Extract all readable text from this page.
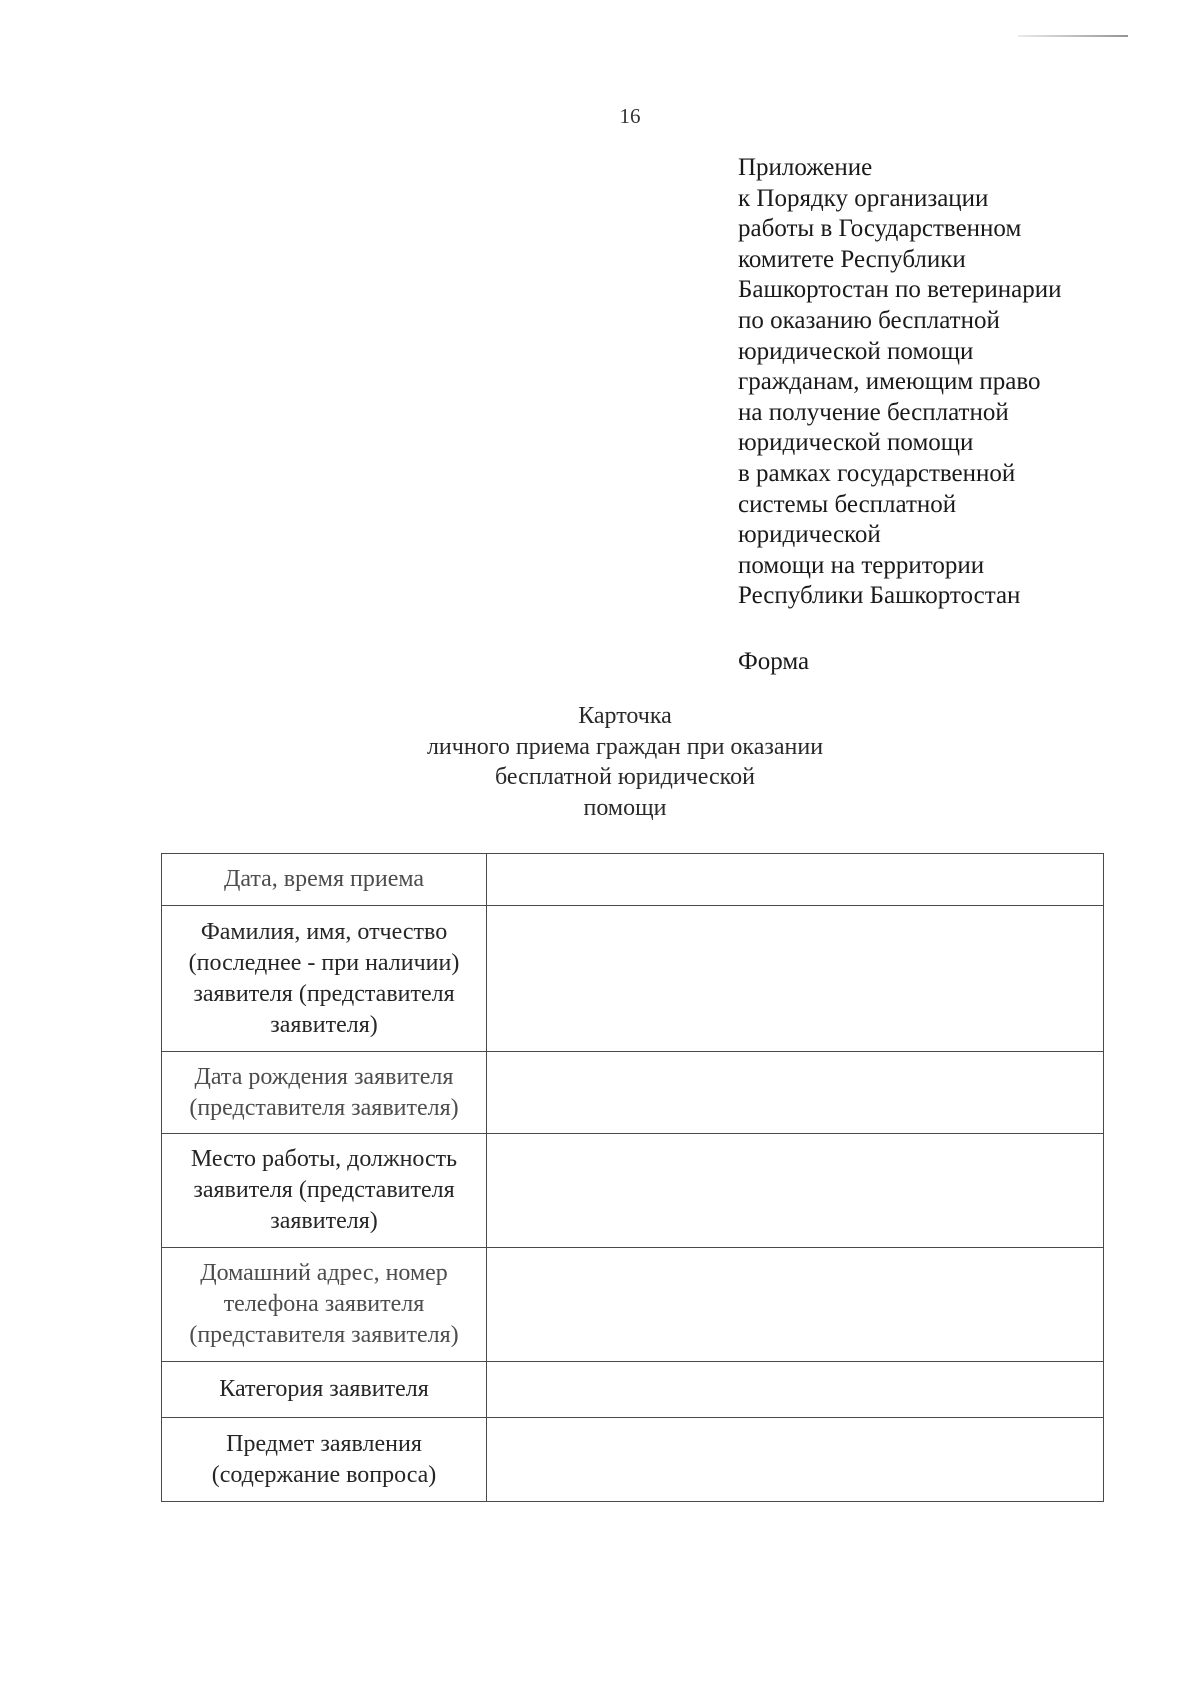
16
Приложение
к Порядку организации
работы в Государственном
комитете Республики
Башкортостан по ветеринарии
по оказанию бесплатной
юридической помощи
гражданам, имеющим право
на получение бесплатной
юридической помощи
в рамках государственной
системы бесплатной
юридической
помощи на территории
Республики Башкортостан
Форма
Карточка
личного приема граждан при оказании
бесплатной юридической
помощи
Дата, время приема	

Фамилия, имя, отчество
(последнее - при наличии)
заявителя (представителя
заявителя)	

Дата рождения заявителя
(представителя заявителя)	

Место работы, должность
заявителя (представителя
заявителя)	

Домашний адрес, номер
телефона заявителя
(представителя заявителя)	

Категория заявителя	

Предмет заявления
(содержание вопроса)	
